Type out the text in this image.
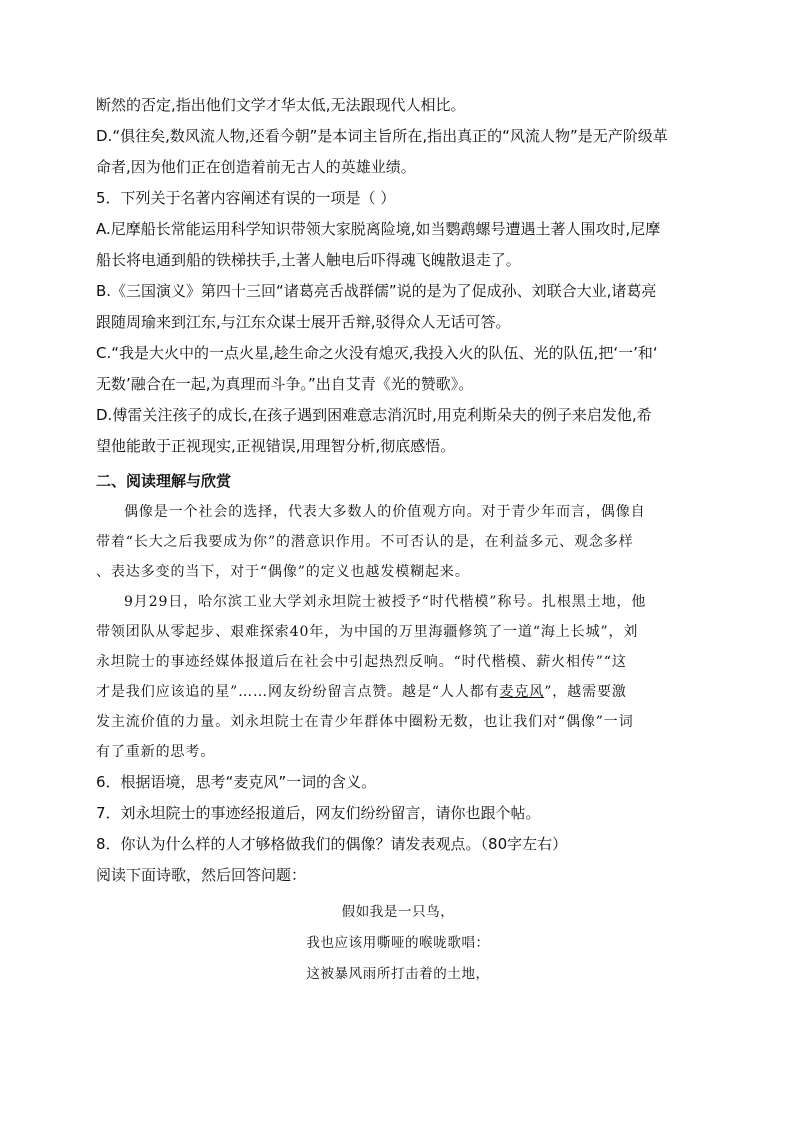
断然的否定,指出他们文学才华太低,无法跟现代人相比。
D.“俱往矣,数风流人物,还看今朝”是本词主旨所在,指出真正的“风流人物”是无产阶级革
命者,因为他们正在创造着前无古人的英雄业绩。
5．下列关于名著内容阐述有误的一项是（ ）
A.尼摩船长常能运用科学知识带领大家脱离险境,如当鹦鹉螺号遭遇土著人围攻时,尼摩
船长将电通到船的铁梯扶手,土著人触电后吓得魂飞魄散退走了。
B.《三国演义》第四十三回“诸葛亮舌战群儒”说的是为了促成孙、刘联合大业,诸葛亮
跟随周瑜来到江东,与江东众谋士展开舌辩,驳得众人无话可答。
C.“我是大火中的一点火星,趁生命之火没有熄灭,我投入火的队伍、光的队伍,把‘一’和‘
无数’融合在一起,为真理而斗争。”出自艾青《光的赞歌》。
D.傅雷关注孩子的成长,在孩子遇到困难意志消沉时,用克利斯朵夫的例子来启发他,希
望他能敢于正视现实,正视错误,用理智分析,彻底感悟。
二、阅读理解与欣赏
偶像是一个社会的选择，代表大多数人的价值观方向。对于青少年而言，偶像自
带着“长大之后我要成为你”的潜意识作用。不可否认的是，在利益多元、观念多样
、表达多变的当下，对于“偶像”的定义也越发模糊起来。
9月29日，哈尔滨工业大学刘永坦院士被授予“时代楷模”称号。扎根黑土地，他
带领团队从零起步、艰难探索40年，为中国的万里海疆修筑了一道“海上长城”，刘
永坦院士的事迹经媒体报道后在社会中引起热烈反响。“时代楷模、薪火相传”“这
才是我们应该追的星”……网友纷纷留言点赞。越是“人人都有麦克风”，越需要激
发主流价值的力量。刘永坦院士在青少年群体中圈粉无数，也让我们对“偶像”一词
有了重新的思考。
6．根据语境，思考“麦克风”一词的含义。
7．刘永坦院士的事迹经报道后，网友们纷纷留言，请你也跟个帖。
8．你认为什么样的人才够格做我们的偶像？请发表观点。（80字左右）
阅读下面诗歌，然后回答问题：
假如我是一只鸟，
我也应该用嘶哑的喉咙歌唱：
这被暴风雨所打击着的土地，
